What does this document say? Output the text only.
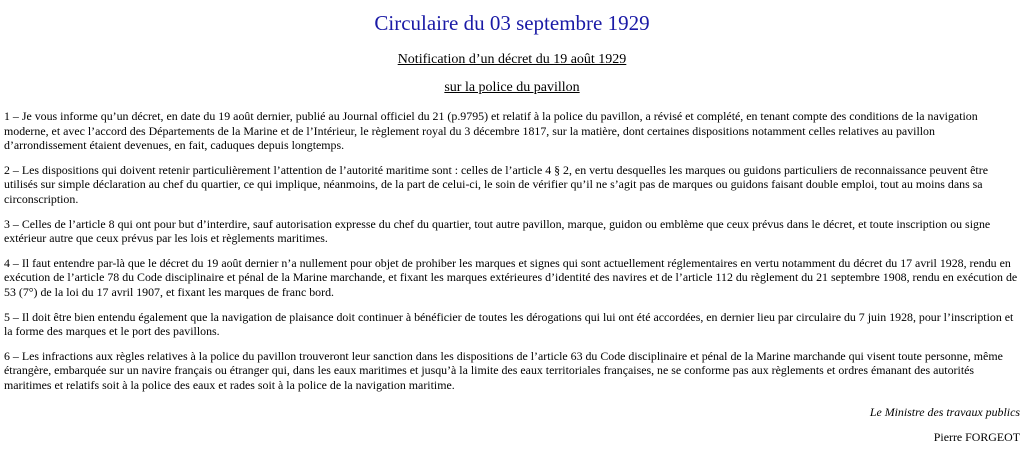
Circulaire du 03 septembre 1929

Notification d’un décret du 19 août 1929

sur la police du pavillon

1 – Je vous informe qu’un décret, en date du 19 août dernier, publié au Journal officiel du 21 (p.9795) et relatif à la police du pavillon, a révisé et complété, en tenant compte des conditions de la navigation moderne, et avec l’accord des Départements de la Marine et de l’Intérieur, le règlement royal du 3 décembre 1817, sur la matière, dont certaines dispositions notamment celles relatives au pavillon d’arrondissement étaient devenues, en fait, caduques depuis longtemps.

2 – Les dispositions qui doivent retenir particulièrement l’attention de l’autorité maritime sont : celles de l’article 4 § 2, en vertu desquelles les marques ou guidons particuliers de reconnaissance peuvent être utilisés sur simple déclaration au chef du quartier, ce qui implique, néanmoins, de la part de celui-ci, le soin de vérifier qu’il ne s’agit pas de marques ou guidons faisant double emploi, tout au moins dans sa circonscription.

3 – Celles de l’article 8 qui ont pour but d’interdire, sauf autorisation expresse du chef du quartier, tout autre pavillon, marque, guidon ou emblème que ceux prévus dans le décret, et toute inscription ou signe extérieur autre que ceux prévus par les lois et règlements maritimes.

4 – Il faut entendre par-là que le décret du 19 août dernier n’a nullement pour objet de prohiber les marques et signes qui sont actuellement réglementaires en vertu notamment du décret du 17 avril 1928, rendu en exécution de l’article 78 du Code disciplinaire et pénal de la Marine marchande, et fixant les marques extérieures d’identité des navires et de l’article 112 du règlement du 21 septembre 1908, rendu en exécution de 53 (7°) de la loi du 17 avril 1907, et fixant les marques de franc bord.

5 – Il doit être bien entendu également que la navigation de plaisance doit continuer à bénéficier de toutes les dérogations qui lui ont été accordées, en dernier lieu par circulaire du 7 juin 1928, pour l’inscription et la forme des marques et le port des pavillons.

6 – Les infractions aux règles relatives à la police du pavillon trouveront leur sanction dans les dispositions de l’article 63 du Code disciplinaire et pénal de la Marine marchande qui visent toute personne, même étrangère, embarquée sur un navire français ou étranger qui, dans les eaux maritimes et jusqu’à la limite des eaux territoriales françaises, ne se conforme pas aux règlements et ordres émanant des autorités maritimes et relatifs soit à la police des eaux et rades soit à la police de la navigation maritime.

Le Ministre des travaux publics

Pierre FORGEOT
